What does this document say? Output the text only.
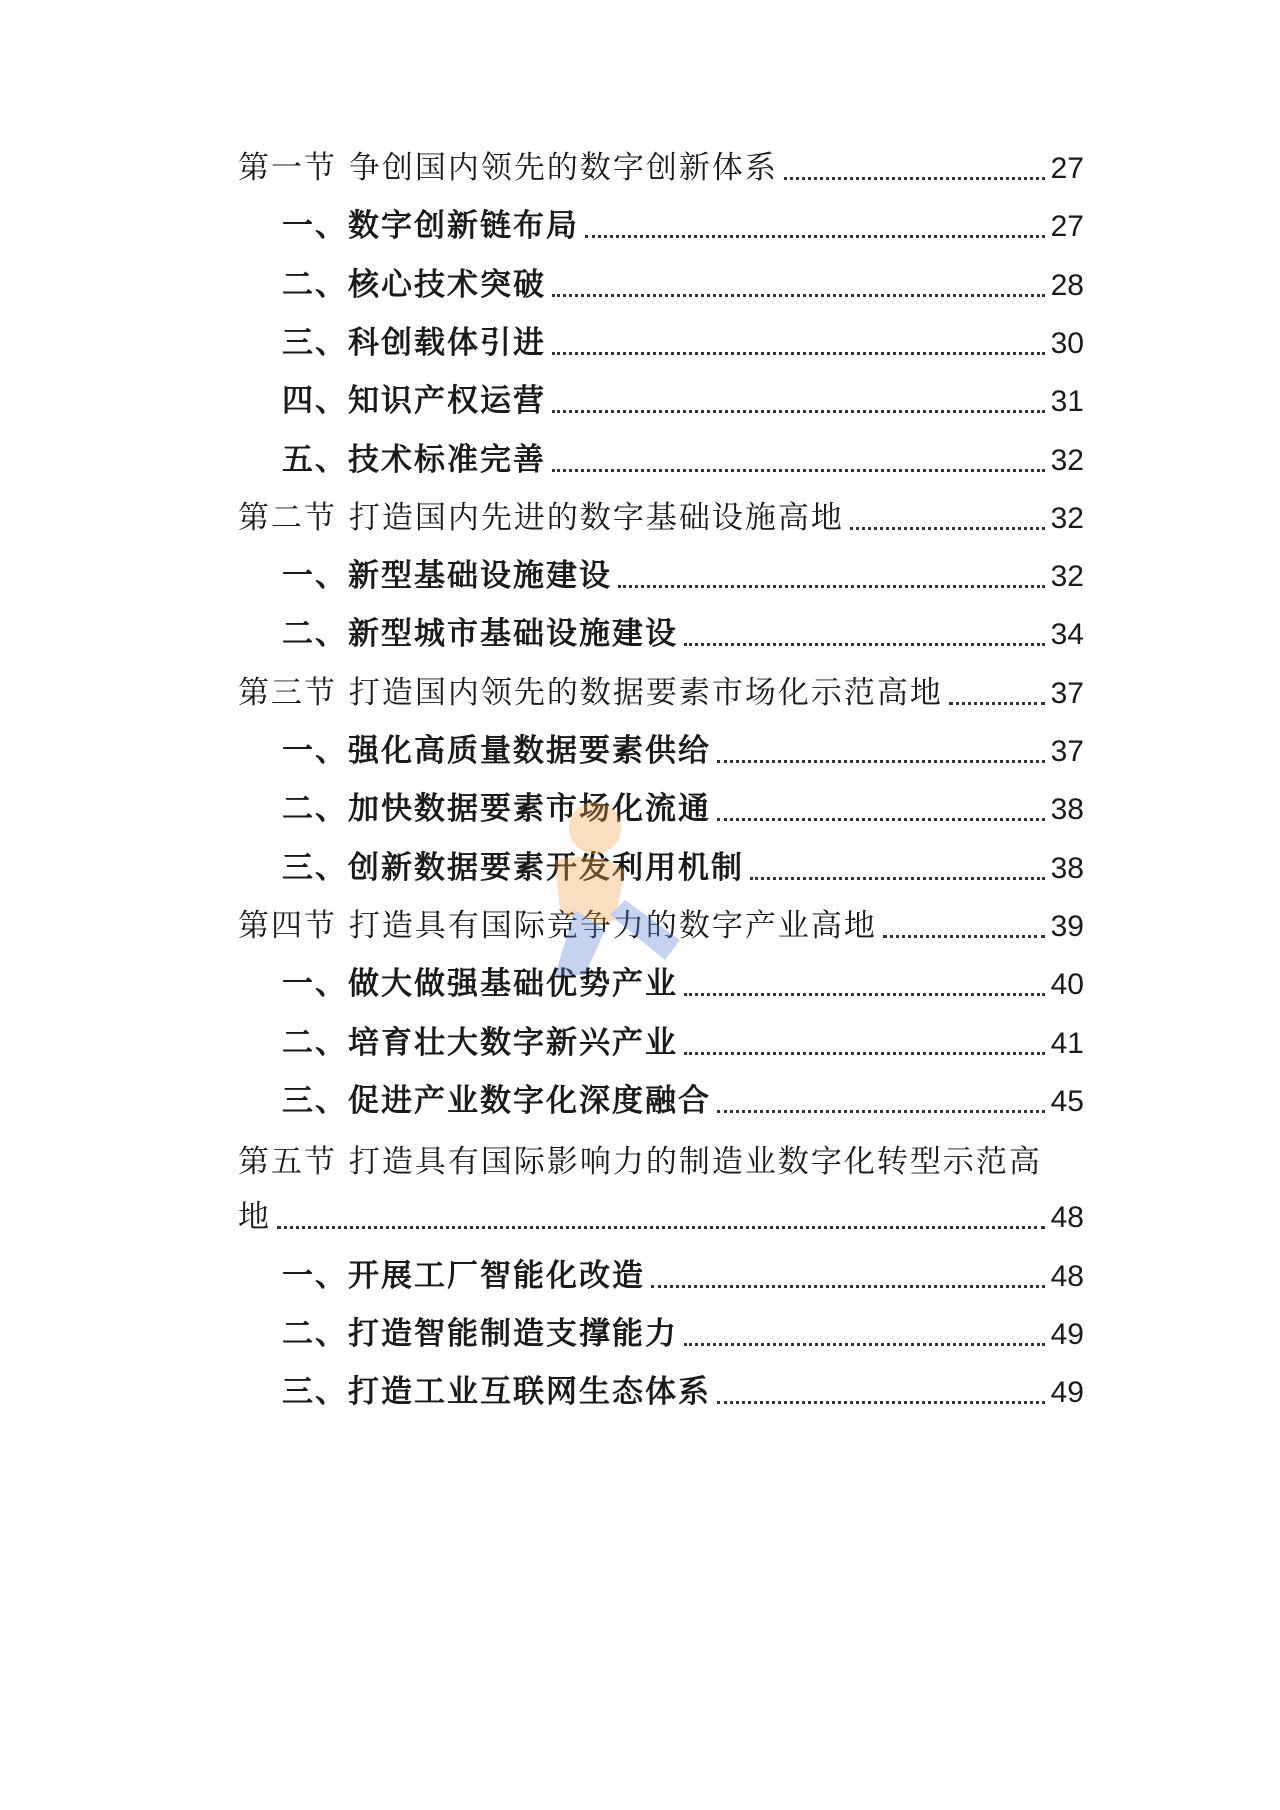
第一节 争创国内领先的数字创新体系	27
一、数字创新链布局	27
二、核心技术突破	28
三、科创载体引进	30
四、知识产权运营	31
五、技术标准完善	32
第二节 打造国内先进的数字基础设施高地	32
一、新型基础设施建设	32
二、新型城市基础设施建设	34
第三节 打造国内领先的数据要素市场化示范高地	37
一、强化高质量数据要素供给	37
二、加快数据要素市场化流通	38
三、创新数据要素开发利用机制	38
第四节 打造具有国际竞争力的数字产业高地	39
一、做大做强基础优势产业	40
二、培育壮大数字新兴产业	41
三、促进产业数字化深度融合	45
第五节 打造具有国际影响力的制造业数字化转型示范高
地	48
一、开展工厂智能化改造	48
二、打造智能制造支撑能力	49
三、打造工业互联网生态体系	49
